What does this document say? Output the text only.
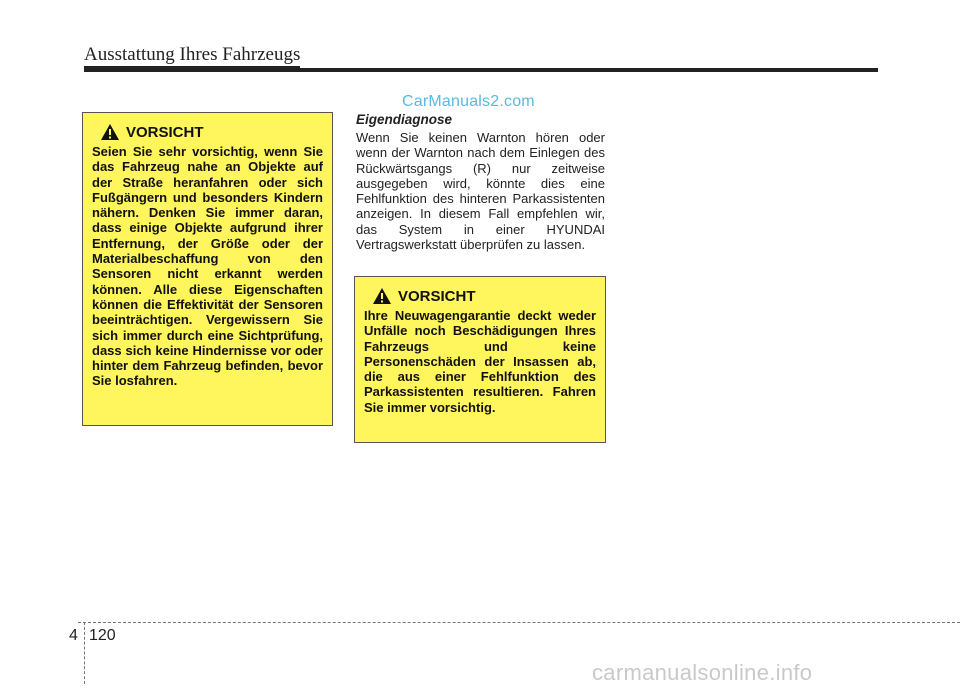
Ausstattung Ihres Fahrzeugs
CarManuals2.com
VORSICHT
Seien Sie sehr vorsichtig, wenn Sie das Fahrzeug nahe an Objekte auf der Straße heranfahren oder sich Fußgängern und besonders Kindern nähern. Denken Sie immer daran, dass einige Objekte aufgrund ihrer Entfernung, der Größe oder der Materialbeschaffung von den Sensoren nicht erkannt werden können. Alle diese Eigenschaften können die Effektivität der Sensoren beeinträchtigen. Vergewissern Sie sich immer durch eine Sichtprüfung, dass sich keine Hindernisse vor oder hinter dem Fahrzeug befinden, bevor Sie losfahren.
Eigendiagnose
Wenn Sie keinen Warnton hören oder wenn der Warnton nach dem Einlegen des Rückwärtsgangs (R) nur zeitweise ausgegeben wird, könnte dies eine Fehlfunktion des hinteren Parkassistenten anzeigen. In diesem Fall empfehlen wir, das System in einer HYUNDAI Vertragswerkstatt überprüfen zu lassen.
VORSICHT
Ihre Neuwagengarantie deckt weder Unfälle noch Beschädigungen Ihres Fahrzeugs und keine Personenschäden der Insassen ab, die aus einer Fehlfunktion des Parkassistenten resultieren. Fahren Sie immer vorsichtig.
4 120
carmanualsonline.info
